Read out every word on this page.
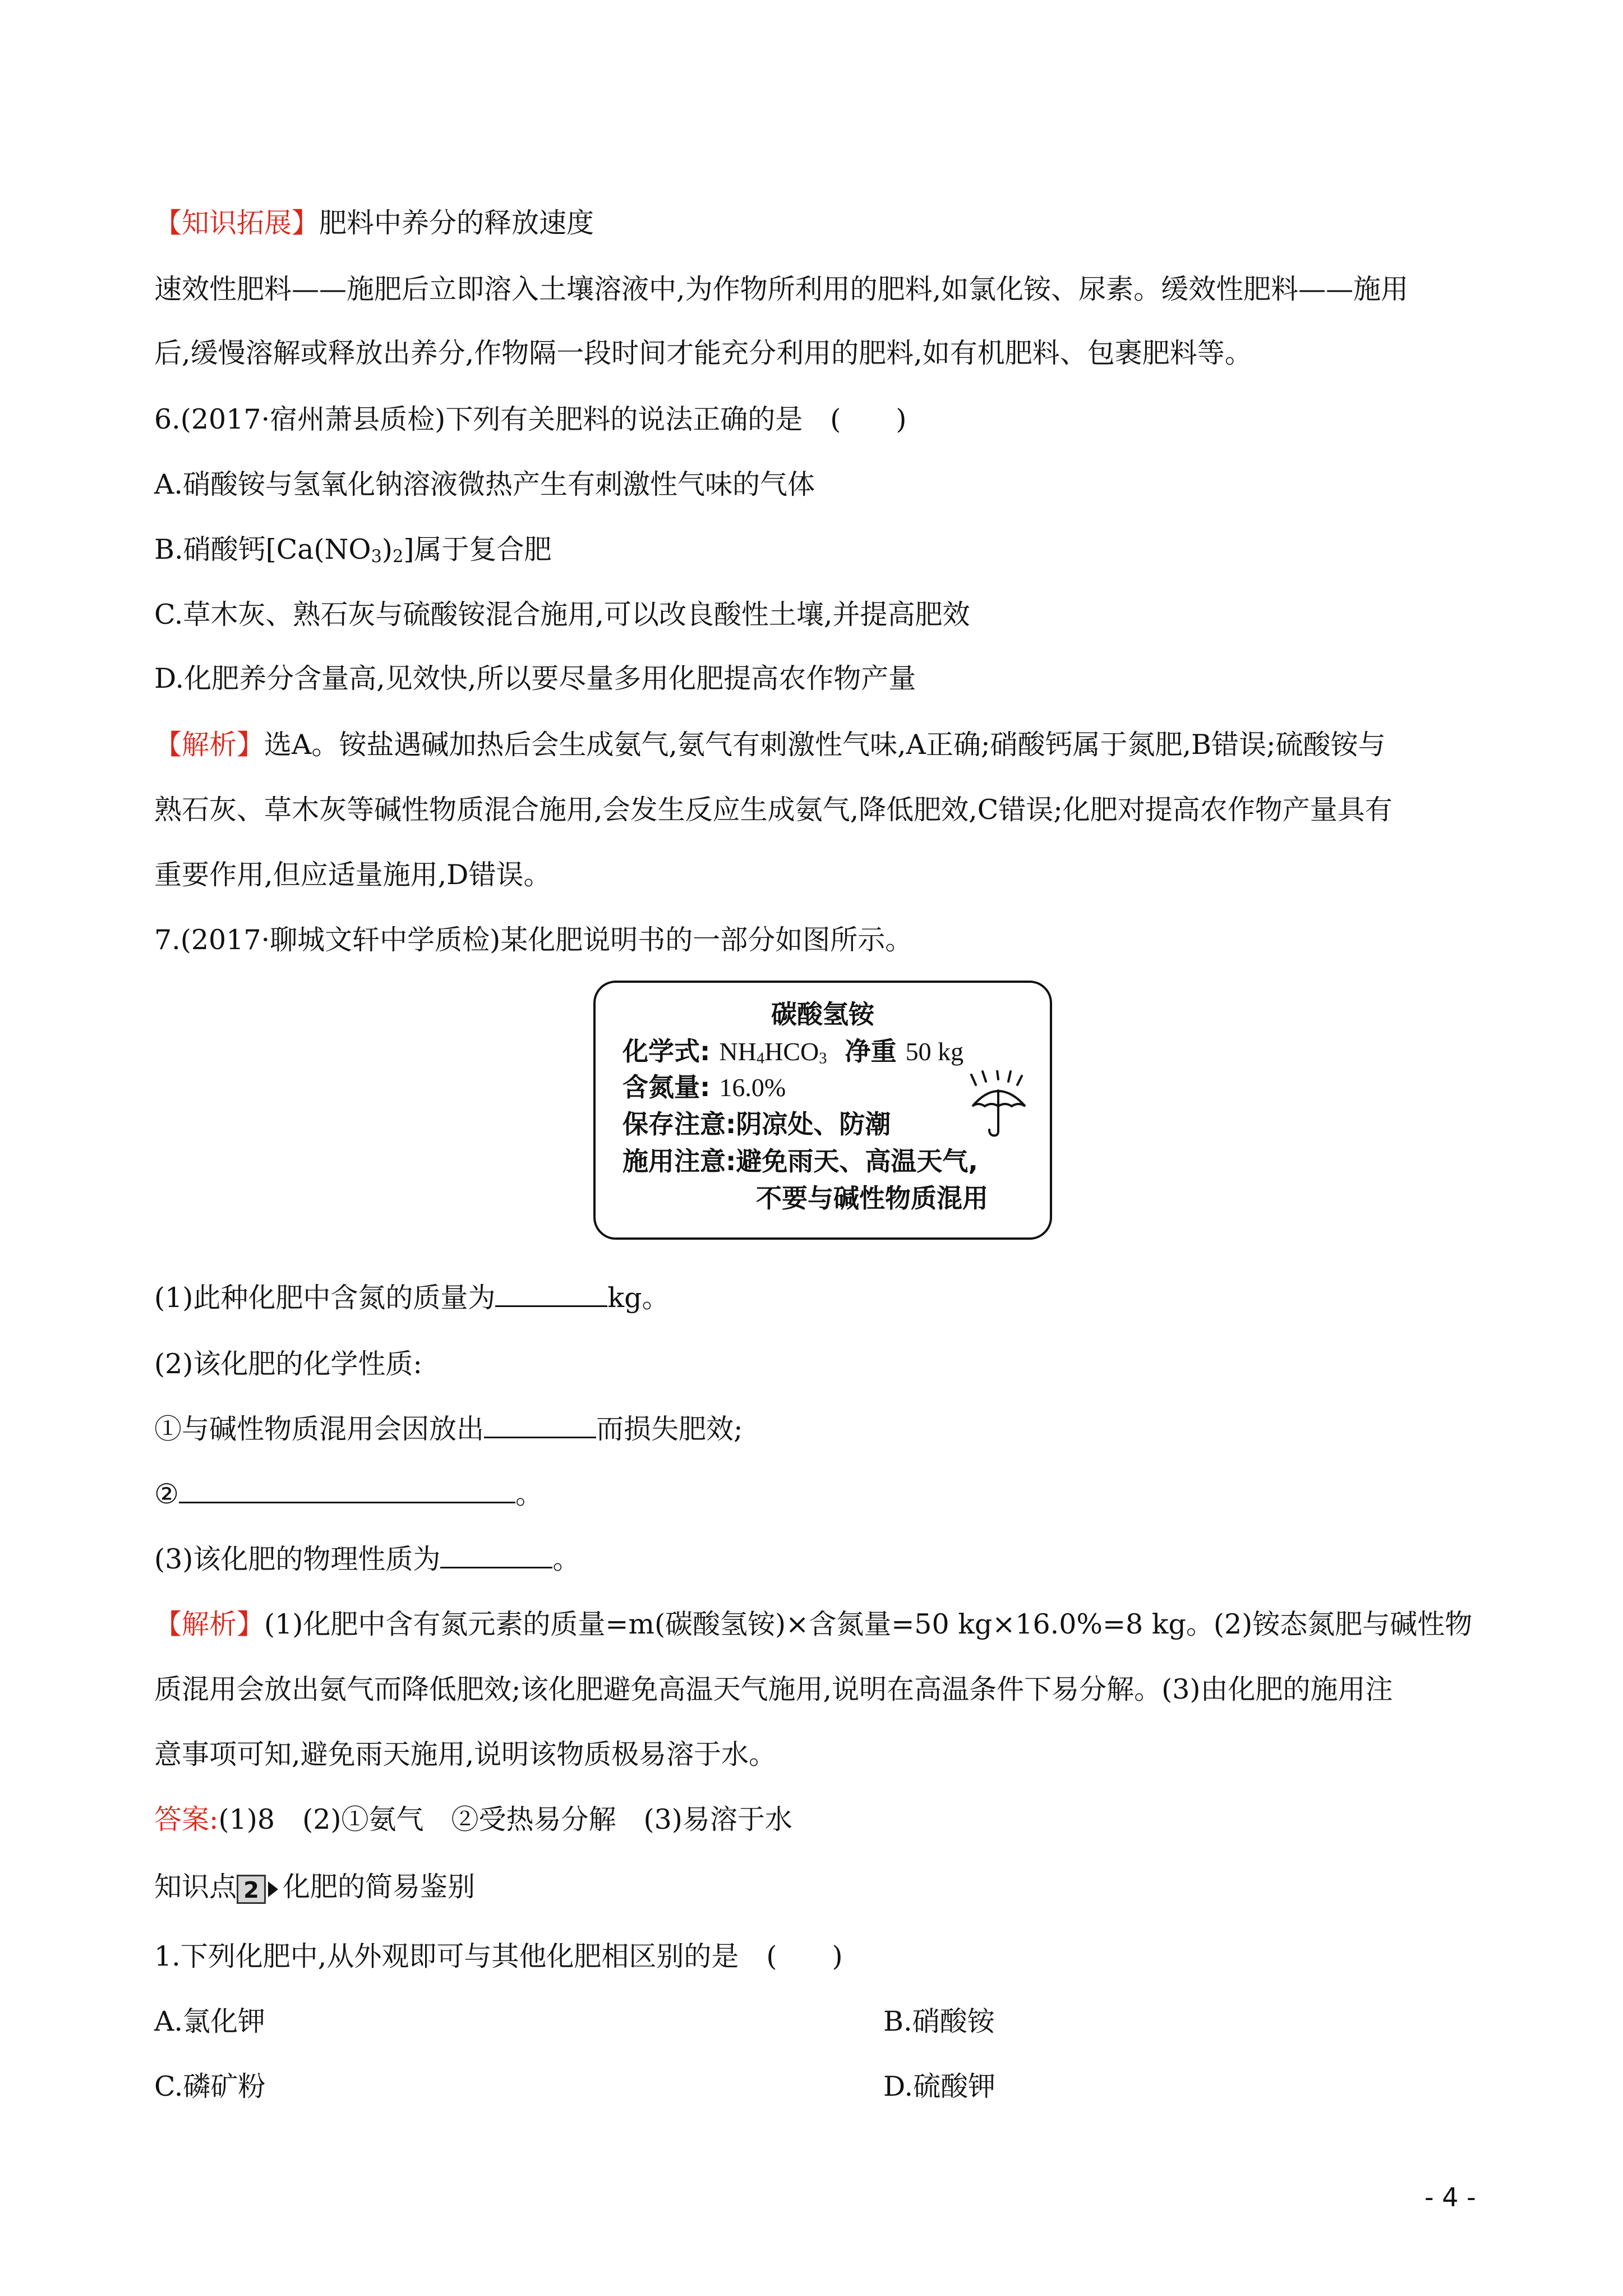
【知识拓展】肥料中养分的释放速度
速效性肥料——施肥后立即溶入土壤溶液中,为作物所利用的肥料,如氯化铵、尿素。缓效性肥料——施用
后,缓慢溶解或释放出养分,作物隔一段时间才能充分利用的肥料,如有机肥料、包裹肥料等。
6.(2017·宿州萧县质检)下列有关肥料的说法正确的是　(　　)
A.硝酸铵与氢氧化钠溶液微热产生有刺激性气味的气体
B.硝酸钙$[Ca(NO_3)_2]$属于复合肥
C.草木灰、熟石灰与硫酸铵混合施用,可以改良酸性土壤,并提高肥效
D.化肥养分含量高,见效快,所以要尽量多用化肥提高农作物产量
【解析】选A。铵盐遇碱加热后会生成氨气,氨气有刺激性气味,A正确;硝酸钙属于氮肥,B错误;硫酸铵与
熟石灰、草木灰等碱性物质混合施用,会发生反应生成氨气,降低肥效,C错误;化肥对提高农作物产量具有
重要作用,但应适量施用,D错误。
7.(2017·聊城文轩中学质检)某化肥说明书的一部分如图所示。
碳酸氢铵
化学式: $NH_4HCO_3$ 净重 50 kg
含氮量: 16.0%
保存注意:阴凉处、防潮
施用注意:避免雨天、高温天气,
不要与碱性物质混用
(1)此种化肥中含氮的质量为	kg。
(2)该化肥的化学性质:
①与碱性物质混用会因放出	而损失肥效;
②	。
(3)该化肥的物理性质为	。
【解析】(1)化肥中含有氮元素的质量=m(碳酸氢铵)×含氮量=50 kg×16.0%=8 kg。(2)铵态氮肥与碱性物
质混用会放出氨气而降低肥效;该化肥避免高温天气施用,说明在高温条件下易分解。(3)由化肥的施用注
意事项可知,避免雨天施用,说明该物质极易溶于水。
答案:(1)8　(2)①氨气　②受热易分解　(3)易溶于水
知识点 2 化肥的简易鉴别
1.下列化肥中,从外观即可与其他化肥相区别的是　(　　)
A.氯化钾	B.硝酸铵
C.磷矿粉	D.硫酸钾
- 4 -
